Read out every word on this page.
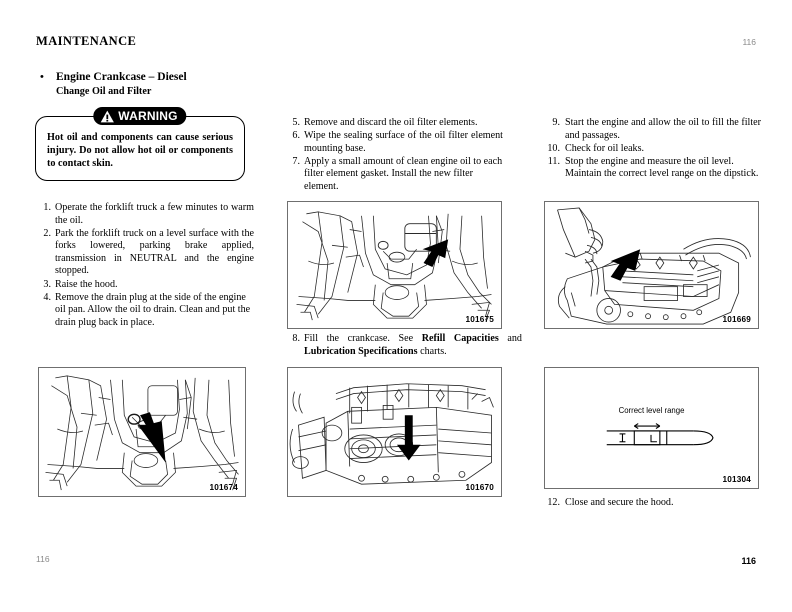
MAINTENANCE	116
• Engine Crankcase – Diesel
Change Oil and Filter
WARNING

Hot oil and components can cause serious injury. Do not allow hot oil or components to contact skin.

1. Operate the forklift truck a few minutes to warm the oil.
2. Park the forklift truck on a level surface with the forks lowered, parking brake applied, transmission in NEUTRAL and the engine stopped.
3. Raise the hood.
4. Remove the drain plug at the side of the engine oil pan. Allow the oil to drain. Clean and put the drain plug back in place.
5. Remove and discard the oil filter elements.
6. Wipe the sealing surface of the oil filter element mounting base.
7. Apply a small amount of clean engine oil to each filter element gasket. Install the new filter element.
9. Start the engine and allow the oil to fill the filter and passages.
10. Check for oil leaks.
11. Stop the engine and measure the oil level. Maintain the correct level range on the dipstick.
101675
8. Fill the crankcase. See Refill Capacities and Lubrication Specifications charts.
101669
101674	101670
Correct level range
101304
12. Close and secure the hood.
116	116
